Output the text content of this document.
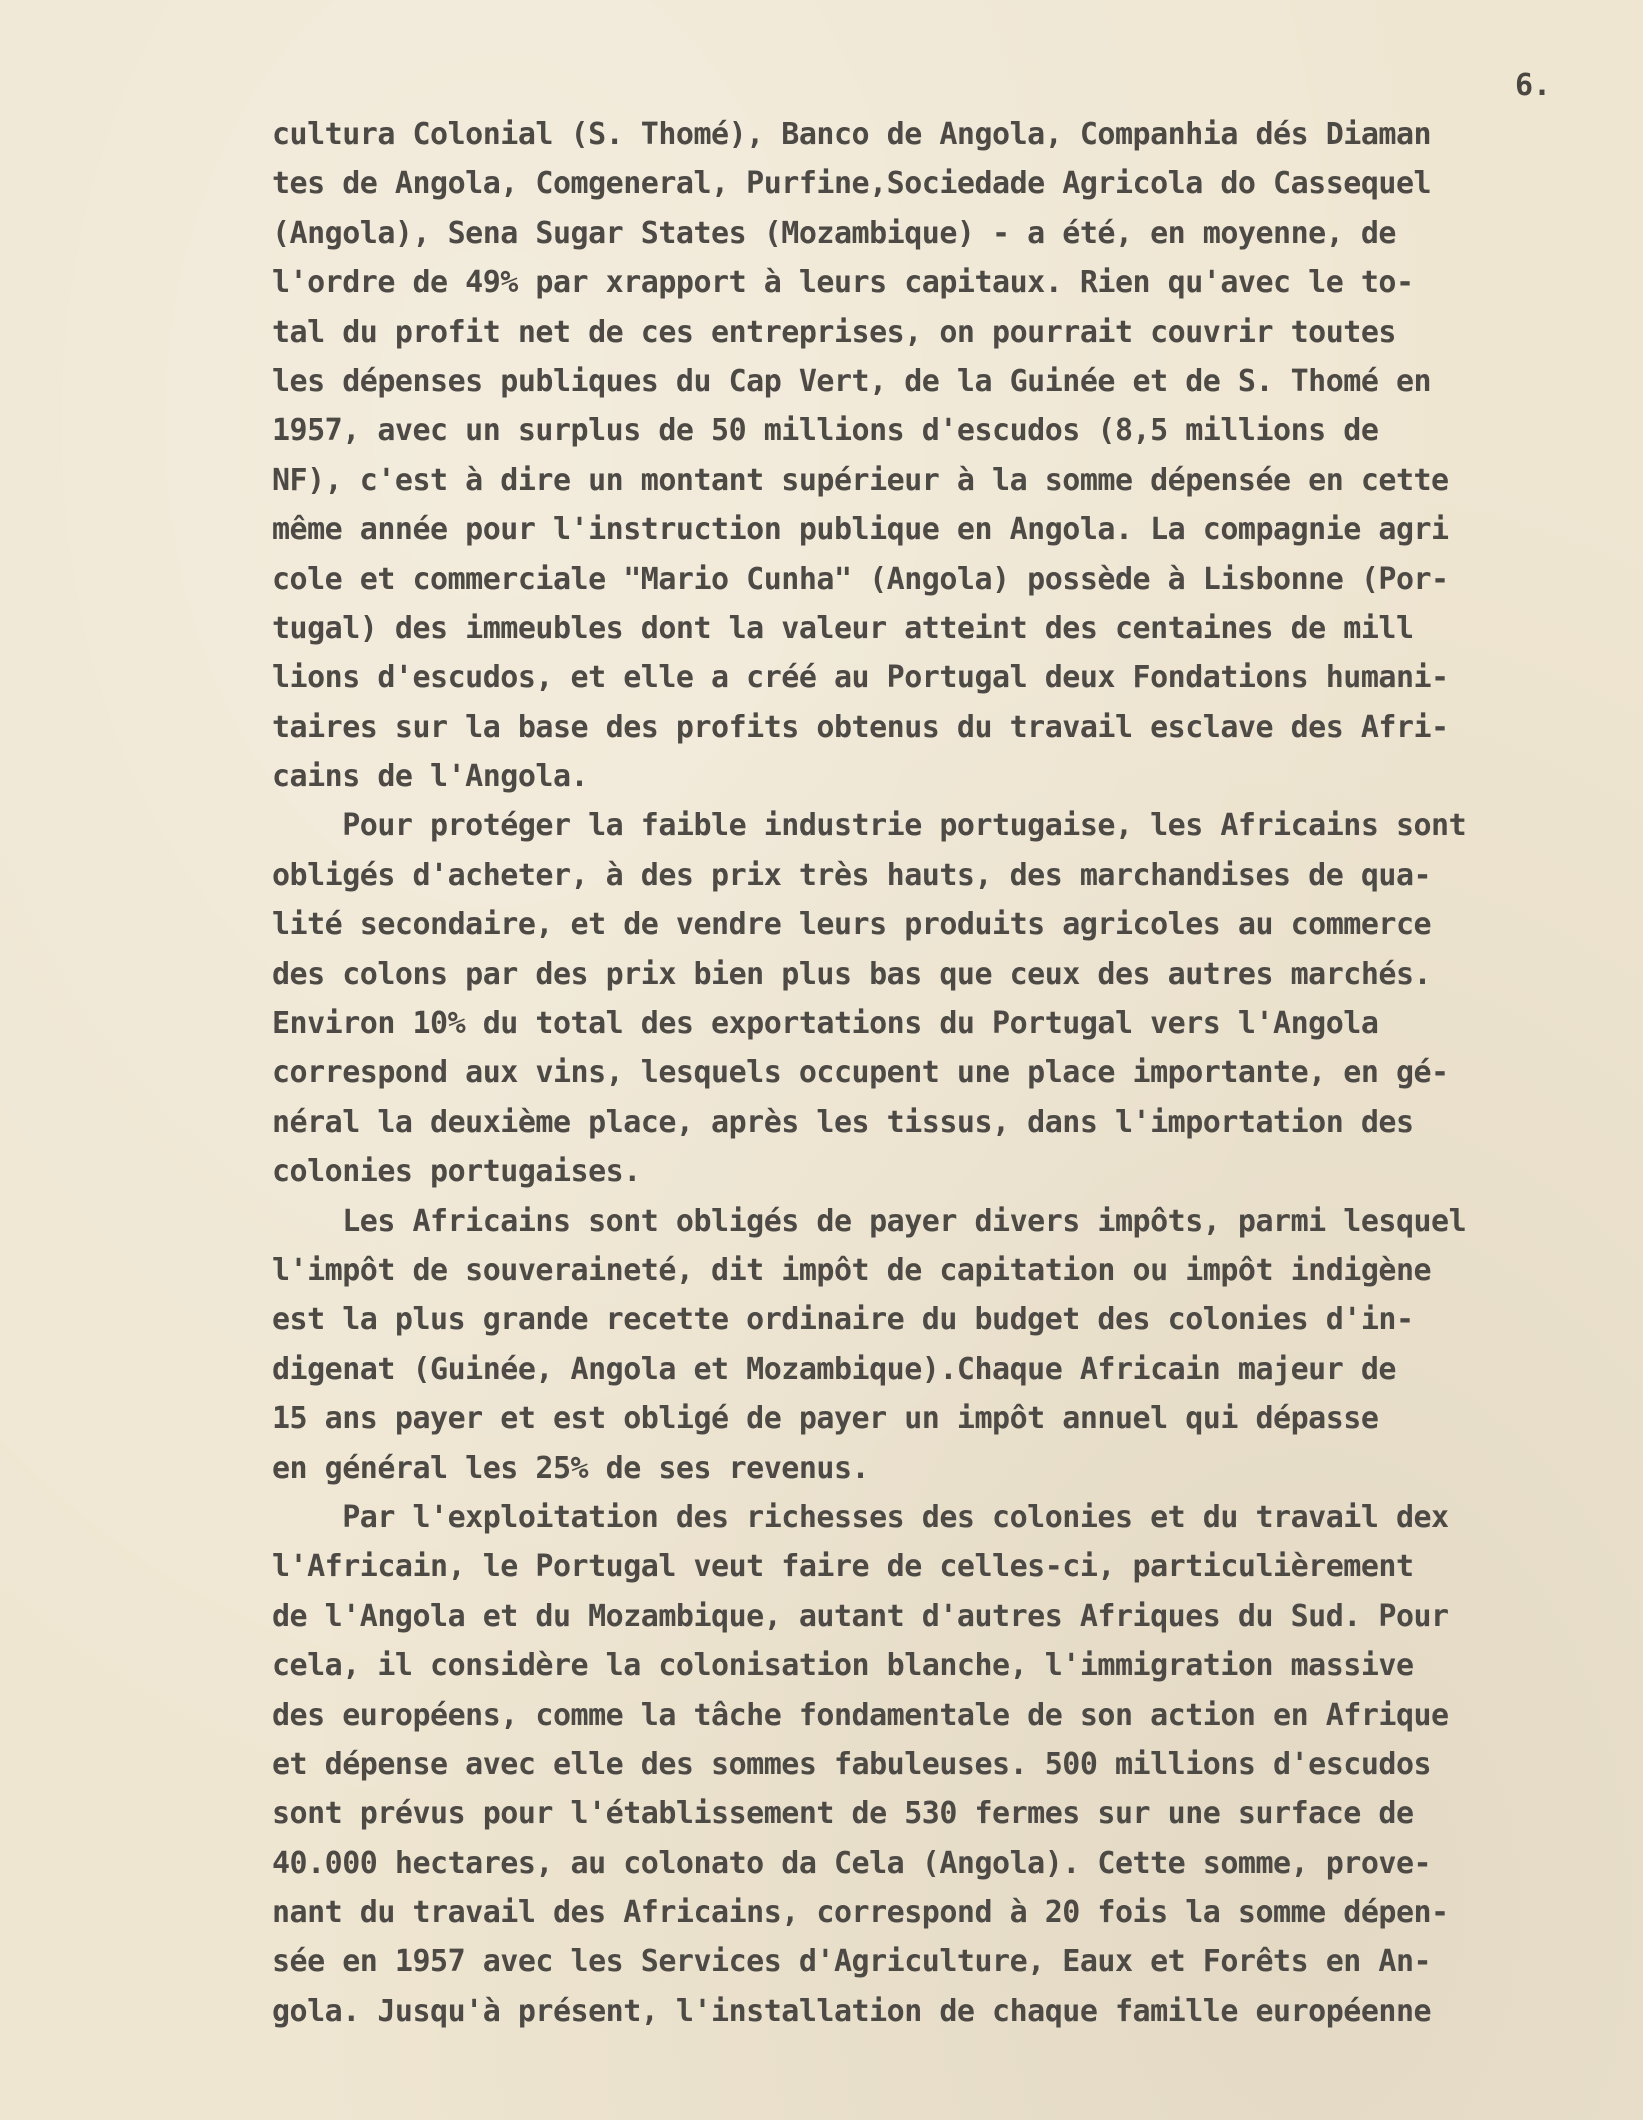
6.
cultura Colonial (S. Thomé), Banco de Angola, Companhia dés Diaman
tes de Angola, Comgeneral, Purfine,Sociedade Agricola do Cassequel
(Angola), Sena Sugar States (Mozambique) - a été, en moyenne, de
l'ordre de 49% par xrapport à leurs capitaux. Rien qu'avec le to-
tal du profit net de ces entreprises, on pourrait couvrir toutes
les dépenses publiques du Cap Vert, de la Guinée et de S. Thomé en
1957, avec un surplus de 50 millions d'escudos (8,5 millions de
NF), c'est à dire un montant supérieur à la somme dépensée en cette
même année pour l'instruction publique en Angola. La compagnie agri
cole et commerciale "Mario Cunha" (Angola) possède à Lisbonne (Por-
tugal) des immeubles dont la valeur atteint des centaines de mill
lions d'escudos, et elle a créé au Portugal deux Fondations humani-
taires sur la base des profits obtenus du travail esclave des Afri-
cains de l'Angola.
Pour protéger la faible industrie portugaise, les Africains sont
obligés d'acheter, à des prix très hauts, des marchandises de qua-
lité secondaire, et de vendre leurs produits agricoles au commerce
des colons par des prix bien plus bas que ceux des autres marchés.
Environ 10% du total des exportations du Portugal vers l'Angola
correspond aux vins, lesquels occupent une place importante, en gé-
néral la deuxième place, après les tissus, dans l'importation des
colonies portugaises.
Les Africains sont obligés de payer divers impôts, parmi lesquel
l'impôt de souveraineté, dit impôt de capitation ou impôt indigène
est la plus grande recette ordinaire du budget des colonies d'in-
digenat (Guinée, Angola et Mozambique).Chaque Africain majeur de
15 ans payer et est obligé de payer un impôt annuel qui dépasse
en général les 25% de ses revenus.
Par l'exploitation des richesses des colonies et du travail dex
l'Africain, le Portugal veut faire de celles-ci, particulièrement
de l'Angola et du Mozambique, autant d'autres Afriques du Sud. Pour
cela, il considère la colonisation blanche, l'immigration massive
des européens, comme la tâche fondamentale de son action en Afrique
et dépense avec elle des sommes fabuleuses. 500 millions d'escudos
sont prévus pour l'établissement de 530 fermes sur une surface de
40.000 hectares, au colonato da Cela (Angola). Cette somme, prove-
nant du travail des Africains, correspond à 20 fois la somme dépen-
sée en 1957 avec les Services d'Agriculture, Eaux et Forêts en An-
gola. Jusqu'à présent, l'installation de chaque famille européenne
